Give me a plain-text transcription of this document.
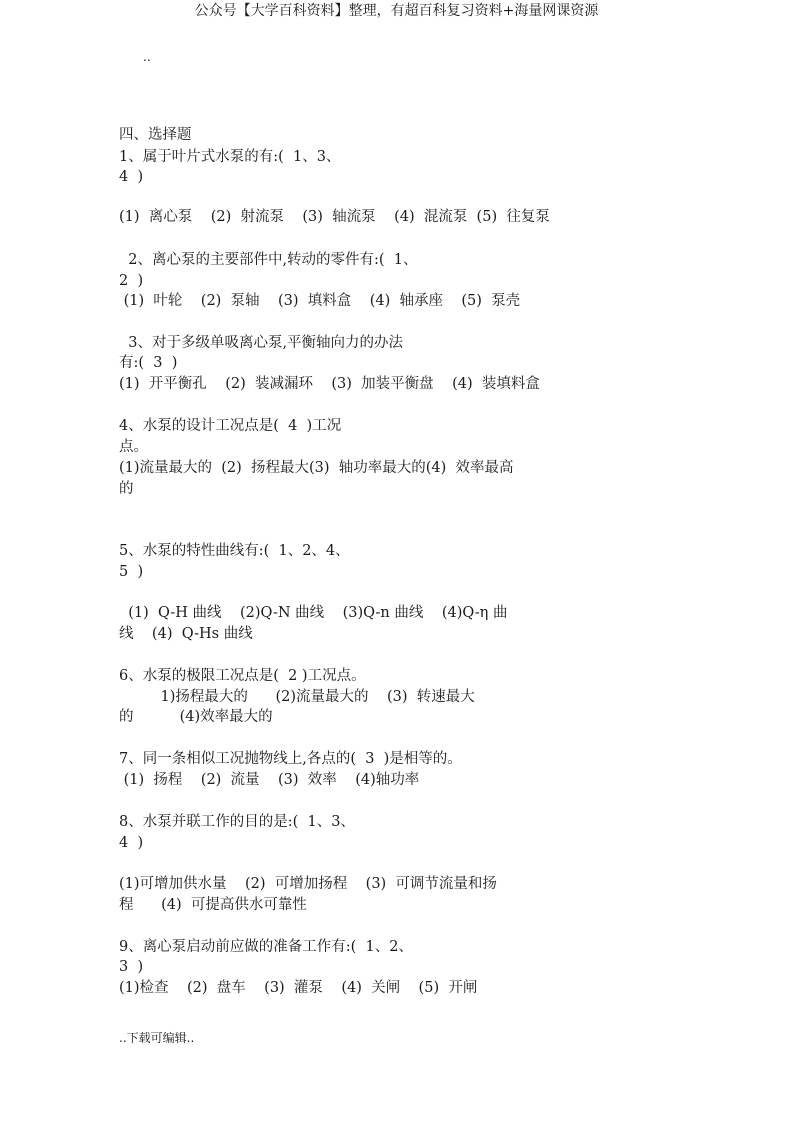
公众号【大学百科资料】整理，有超百科复习资料+海量网课资源
..
四、选择题
1、属于叶片式水泵的有:(  1、3、
4  )
(1)  离心泵    (2)  射流泵    (3)  轴流泵    (4)  混流泵  (5)  往复泵
2、离心泵的主要部件中,转动的零件有:(  1、
2  )
(1)  叶轮    (2)  泵轴    (3)  填料盒    (4)  轴承座    (5)  泵壳
3、对于多级单吸离心泵,平衡轴向力的办法
有:(  3  )
(1)  开平衡孔    (2)  装减漏环    (3)  加装平衡盘    (4)  装填料盒
4、水泵的设计工况点是(  4  )工况
点。
(1)流量最大的  (2)  扬程最大(3)  轴功率最大的(4)  效率最高
的
5、水泵的特性曲线有:(  1、2、4、
5  )
(1)  Q-H 曲线    (2)Q-N 曲线    (3)Q-n 曲线    (4)Q-η 曲
线    (4)  Q-Hs 曲线
6、水泵的极限工况点是(  2 )工况点。
1)扬程最大的      (2)流量最大的    (3)  转速最大
的          (4)效率最大的
7、同一条相似工况抛物线上,各点的(  3  )是相等的。
(1)  扬程    (2)  流量    (3)  效率    (4)轴功率
8、水泵并联工作的目的是:(  1、3、
4  )
(1)可增加供水量    (2)  可增加扬程    (3)  可调节流量和扬
程      (4)  可提高供水可靠性
9、离心泵启动前应做的准备工作有:(  1、2、
3  )
(1)检查    (2)  盘车    (3)  灌泵    (4)  关闸    (5)  开闸
..下载可编辑..
